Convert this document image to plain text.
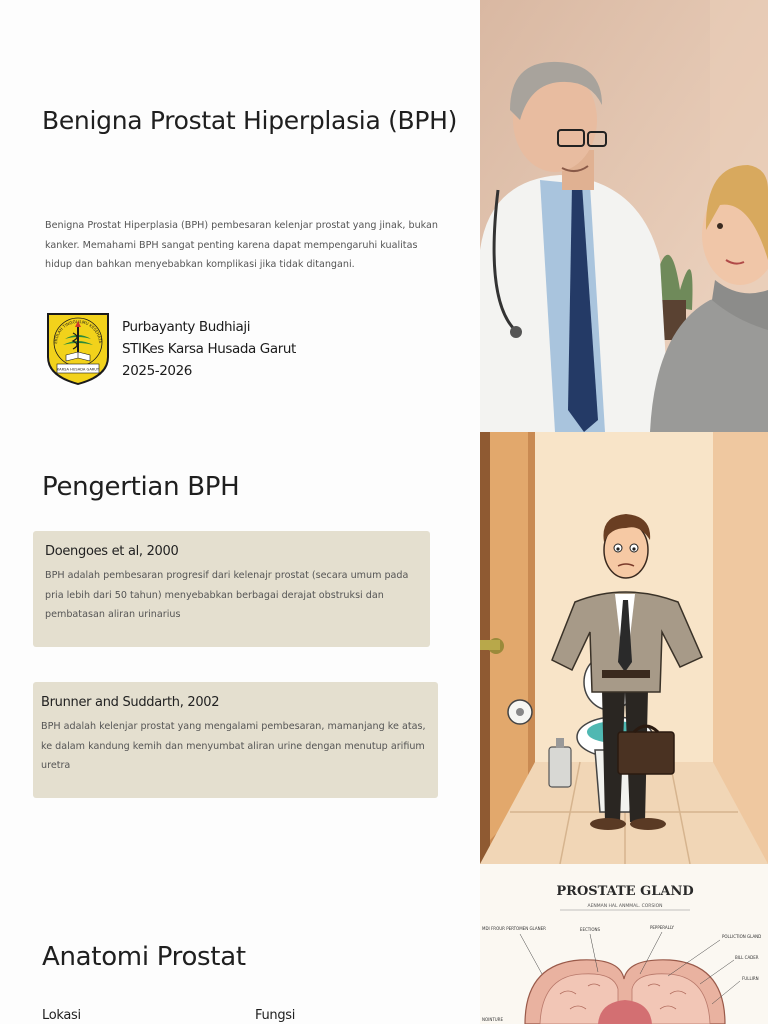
Benigna Prostat Hiperplasia (BPH)

Benigna Prostat Hiperplasia (BPH) pembesaran kelenjar prostat yang jinak, bukan kanker. Memahami BPH sangat penting karena dapat mempengaruhi kualitas hidup dan bahkan menyebabkan komplikasi jika tidak ditangani.

EKOLAH TINGGI ILMU KESEHATA
KARSA HUSADA GARUT
Purbayanty Budhiaji
STIKes Karsa Husada Garut
2025-2026
Pengertian BPH
Doengoes et al, 2000

BPH adalah pembesaran progresif dari kelenajr prostat (secara umum pada pria lebih dari 50 tahun) menyebabkan berbagai derajat obstruksi dan pembatasan aliran urinarius

Brunner and Suddarth, 2002

BPH adalah kelenjar prostat yang mengalami pembesaran, mamanjang ke atas, ke dalam kandung kemih dan menyumbat aliran urine dengan menutup arifium uretra

Anatomi Prostat
Lokasi	Fungsi
PROSTATE GLAND
AENMAN HAL ANMMAL. CORSION
EECTIONS	PEPPERALLY
POLLICTION GLAND
BILL CADER
FULLIRN
MDI FROUR PERTOMEN GLANER
NOINTURE
